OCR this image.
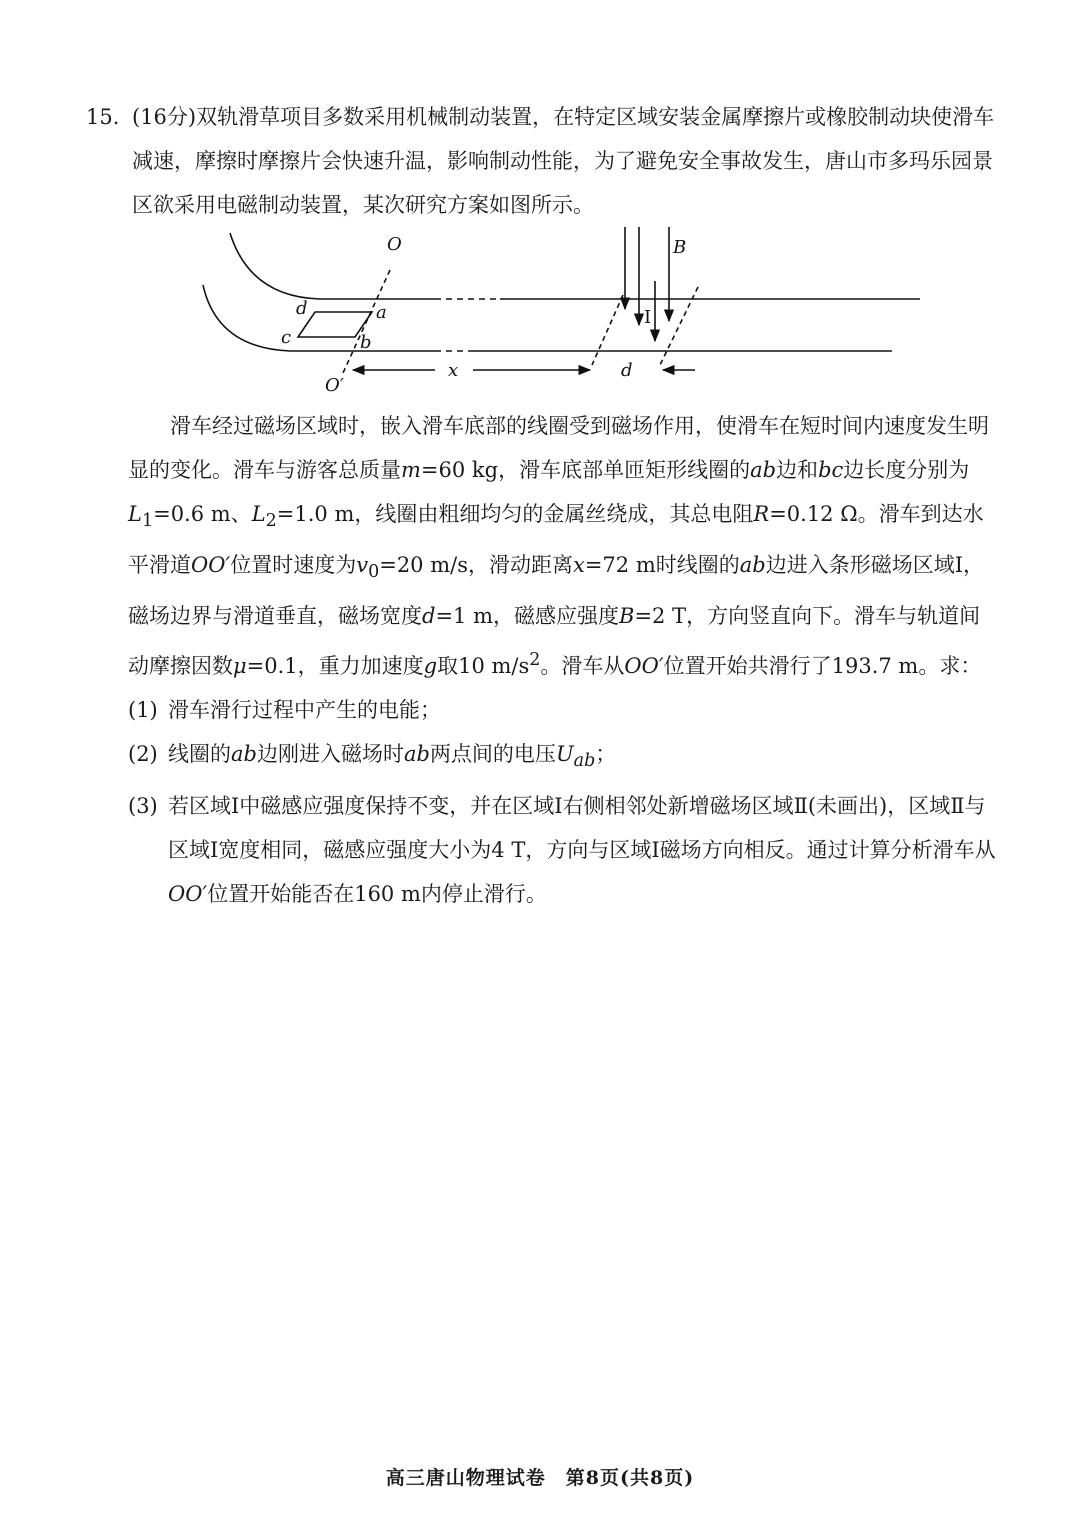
15. (16分)双轨滑草项目多数采用机械制动装置，在特定区域安装金属摩擦片或橡胶制动块使滑车减速，摩擦时摩擦片会快速升温，影响制动性能，为了避免安全事故发生，唐山市多玛乐园景区欲采用电磁制动装置，某次研究方案如图所示。
O
O′
d	a
c	b
B
I
x	d

滑车经过磁场区域时，嵌入滑车底部的线圈受到磁场作用，使滑车在短时间内速度发生明显的变化。滑车与游客总质量m=60 kg，滑车底部单匝矩形线圈的ab边和bc边长度分别为$L_1=0.6$ m、$L_2=1.0$ m，线圈由粗细均匀的金属丝绕成，其总电阻R=0.12 Ω。滑车到达水平滑道OO′位置时速度为$v_0=20$ m/s，滑动距离x=72 m时线圈的ab边进入条形磁场区域Ⅰ，磁场边界与滑道垂直，磁场宽度d=1 m，磁感应强度B=2 T，方向竖直向下。滑车与轨道间动摩擦因数μ=0.1，重力加速度g取10 $m/s^2$。滑车从OO′位置开始共滑行了193.7 m。求：

(1) 滑车滑行过程中产生的电能；

(2) 线圈的ab边刚进入磁场时ab两点间的电压$U_{ab}$；

(3) 若区域Ⅰ中磁感应强度保持不变，并在区域Ⅰ右侧相邻处新增磁场区域Ⅱ(未画出)，区域Ⅱ与区域Ⅰ宽度相同，磁感应强度大小为4 T，方向与区域Ⅰ磁场方向相反。通过计算分析滑车从OO′位置开始能否在160 m内停止滑行。

高三唐山物理试卷　第8页(共8页)
